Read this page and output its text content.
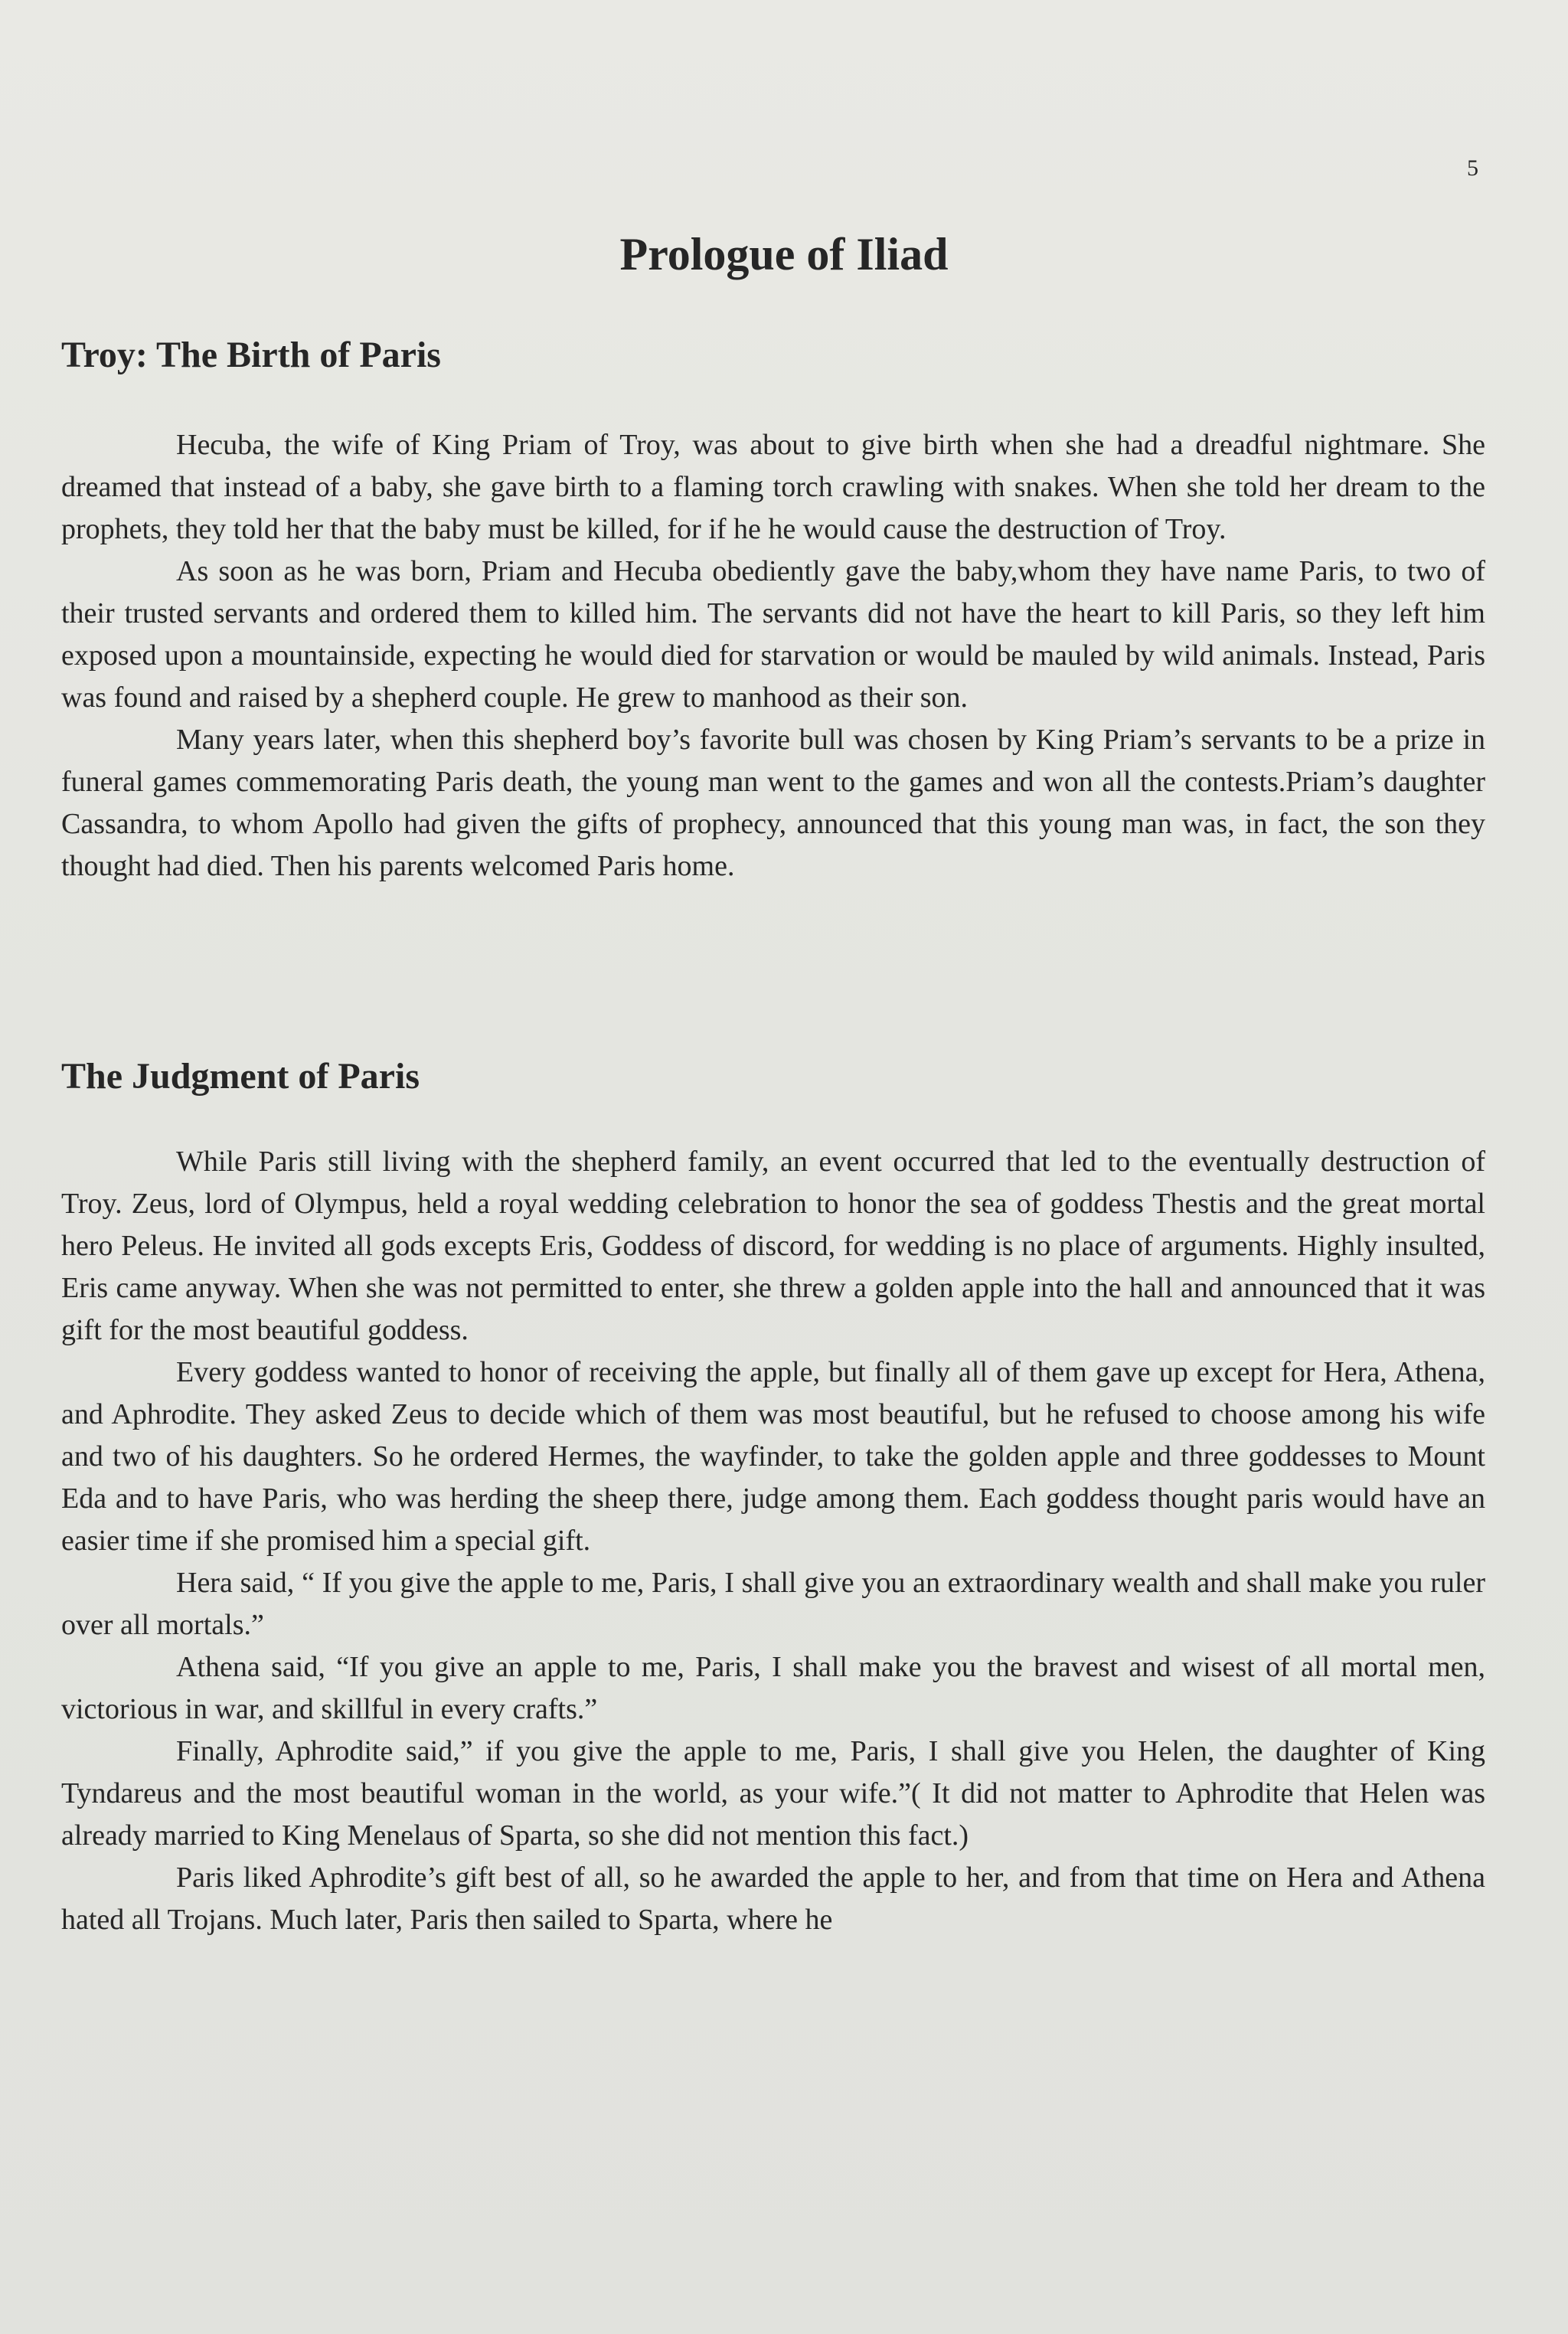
5
Prologue of Iliad
Troy: The Birth of Paris

Hecuba, the wife of King Priam of Troy, was about to give birth when she had a dreadful nightmare. She dreamed that instead of a baby, she gave birth to a flaming torch crawling with snakes. When she told her dream to the prophets, they told her that the baby must be killed, for if he he would cause the destruction of Troy.

As soon as he was born, Priam and Hecuba obediently gave the baby,whom they have name Paris, to two of their trusted servants and ordered them to killed him. The servants did not have the heart to kill Paris, so they left him exposed upon a mountainside, expecting he would died for starvation or would be mauled by wild animals. Instead, Paris was found and raised by a shepherd couple. He grew to manhood as their son.

Many years later, when this shepherd boy’s favorite bull was chosen by King Priam’s servants to be a prize in funeral games commemorating Paris death, the young man went to the games and won all the contests.Priam’s daughter Cassandra, to whom Apollo had given the gifts of prophecy, announced that this young man was, in fact, the son they thought had died. Then his parents welcomed Paris home.

The Judgment of Paris

While Paris still living with the shepherd family, an event occurred that led to the eventually destruction of Troy. Zeus, lord of Olympus, held a royal wedding celebration to honor the sea of goddess Thestis and the great mortal hero Peleus. He invited all gods excepts Eris, Goddess of discord, for wedding is no place of arguments. Highly insulted, Eris came anyway. When she was not permitted to enter, she threw a golden apple into the hall and announced that it was gift for the most beautiful goddess.

Every goddess wanted to honor of receiving the apple, but finally all of them gave up except for Hera, Athena, and Aphrodite. They asked Zeus to decide which of them was most beautiful, but he refused to choose among his wife and two of his daughters. So he ordered Hermes, the wayfinder, to take the golden apple and three goddesses to Mount Eda and to have Paris, who was herding the sheep there, judge among them. Each goddess thought paris would have an easier time if she promised him a special gift.

Hera said, “ If you give the apple to me, Paris, I shall give you an extraordinary wealth and shall make you ruler over all mortals.”

Athena said, “If you give an apple to me, Paris, I shall make you the bravest and wisest of all mortal men, victorious in war, and skillful in every crafts.”

Finally, Aphrodite said,” if you give the apple to me, Paris, I shall give you Helen, the daughter of King Tyndareus and the most beautiful woman in the world, as your wife.”( It did not matter to Aphrodite that Helen was already married to King Menelaus of Sparta, so she did not mention this fact.)

Paris liked Aphrodite’s gift best of all, so he awarded the apple to her, and from that time on Hera and Athena hated all Trojans. Much later, Paris then sailed to Sparta, where he
